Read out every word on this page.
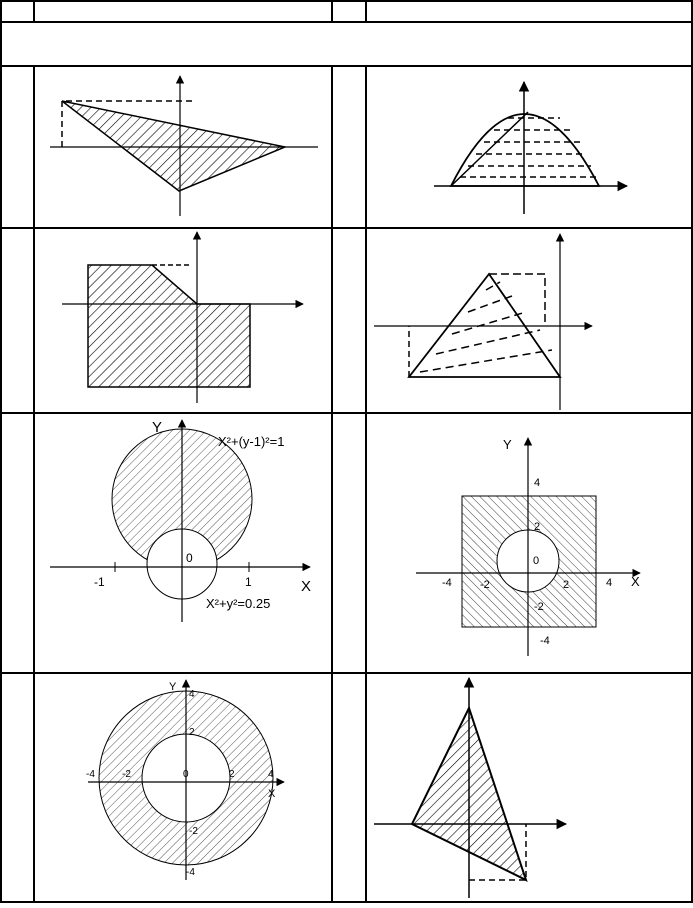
Y
X
X²+(y-1)²=1
X²+y²=0.25
-1	1
0
Y
X
4
2
0
-4	-2	2	4
-2
-4
Y
X
4
2
-4	-2	0	2	4
-2
-4
